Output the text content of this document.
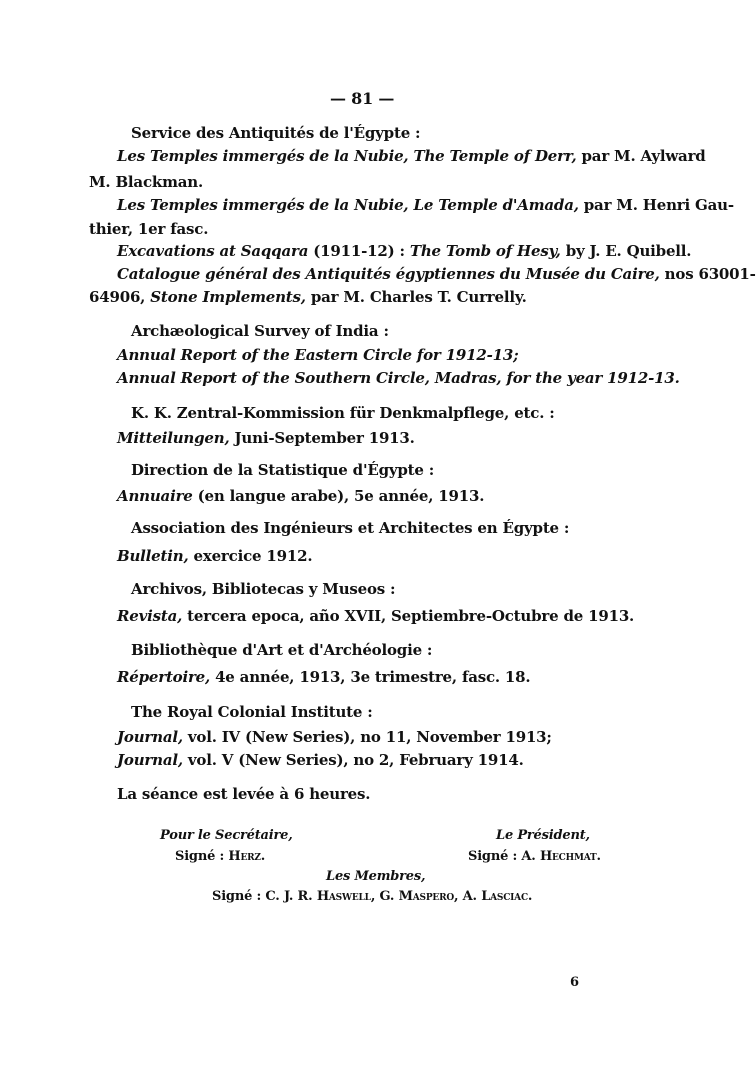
— 81 —
Service des Antiquités de l'Égypte :
Les Temples immergés de la Nubie, The Temple of Derr, par M. Aylward
M. Blackman.
Les Temples immergés de la Nubie, Le Temple d'Amada, par M. Henri Gau-
thier, 1er fasc.
Excavations at Saqqara (1911-12) : The Tomb of Hesy, by J. E. Quibell.
Catalogue général des Antiquités égyptiennes du Musée du Caire, nos 63001-
64906, Stone Implements, par M. Charles T. Currelly.
Archæological Survey of India :
Annual Report of the Eastern Circle for 1912-13;
Annual Report of the Southern Circle, Madras, for the year 1912-13.
K. K. Zentral-Kommission für Denkmalpflege, etc. :
Mitteilungen, Juni-September 1913.
Direction de la Statistique d'Égypte :
Annuaire (en langue arabe), 5e année, 1913.
Association des Ingénieurs et Architectes en Égypte :
Bulletin, exercice 1912.
Archivos, Bibliotecas y Museos :
Revista, tercera epoca, año XVII, Septiembre-Octubre de 1913.
Bibliothèque d'Art et d'Archéologie :
Répertoire, 4e année, 1913, 3e trimestre, fasc. 18.
The Royal Colonial Institute :
Journal, vol. IV (New Series), no 11, November 1913;
Journal, vol. V (New Series), no 2, February 1914.
La séance est levée à 6 heures.
Pour le Secrétaire,
Signé : Herz.
Le Président,
Signé : A. Hechmat.
Les Membres,
Signé : C. J. R. Haswell, G. Maspero, A. Lasciac.
6
